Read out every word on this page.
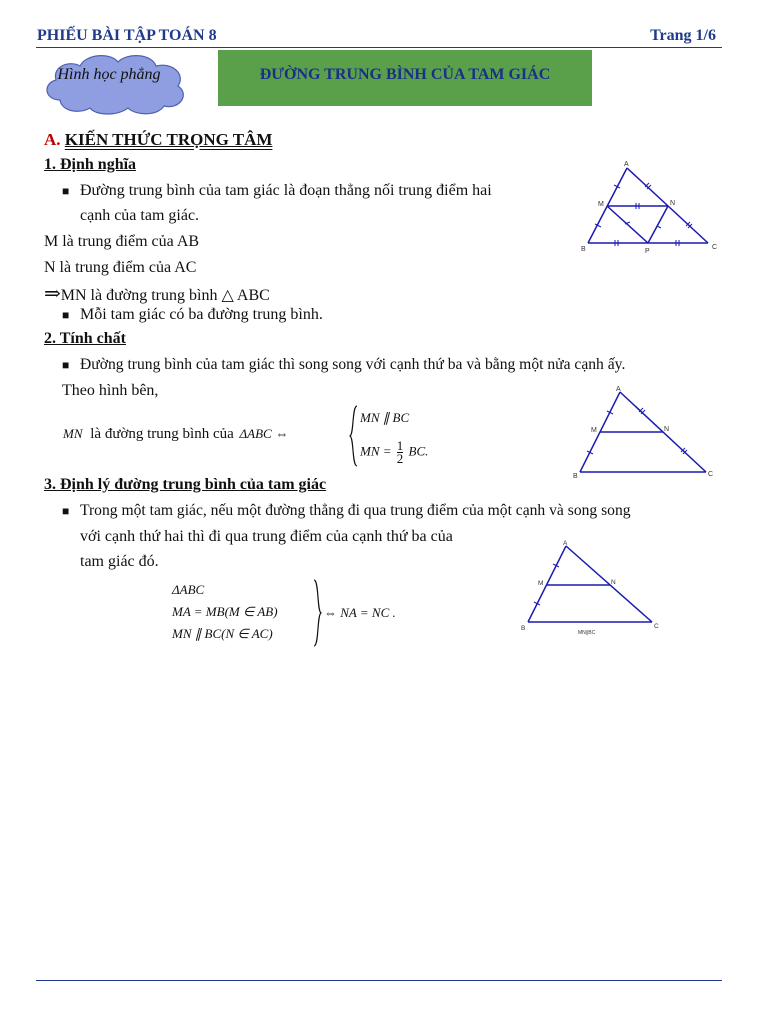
PHIẾU BÀI TẬP TOÁN 8	Trang 1/6
Hình học phẳng	ĐƯỜNG TRUNG BÌNH CỦA TAM GIÁC
A. KIẾN THỨC TRỌNG TÂM
1. Định nghĩa
■ Đường trung bình của tam giác là đoạn thẳng nối trung điểm hai
cạnh của tam giác.
M là trung điểm của AB
N là trung điểm của AC
⇒MN là đường trung bình △ ABC
■ Mỗi tam giác có ba đường trung bình.
A
B	C
M	N
P
2. Tính chất
■ Đường trung bình của tam giác thì song song với cạnh thứ ba và bằng một nửa cạnh ấy.
Theo hình bên,
MN là đường trung bình của ΔABC ⇔
MN ∥ BC
MN = $\frac{1}{2}$ BC.
A
B	C
M	N
3. Định lý đường trung bình của tam giác
■ Trong một tam giác, nếu một đường thẳng đi qua trung điểm của một cạnh và song song
với cạnh thứ hai thì đi qua trung điểm của cạnh thứ ba của
tam giác đó.
ΔABC
MA = MB(M ∈ AB)
MN ∥ BC(N ∈ AC)
⇔ NA = NC .
A
B	C
M	N
MN∥BC
